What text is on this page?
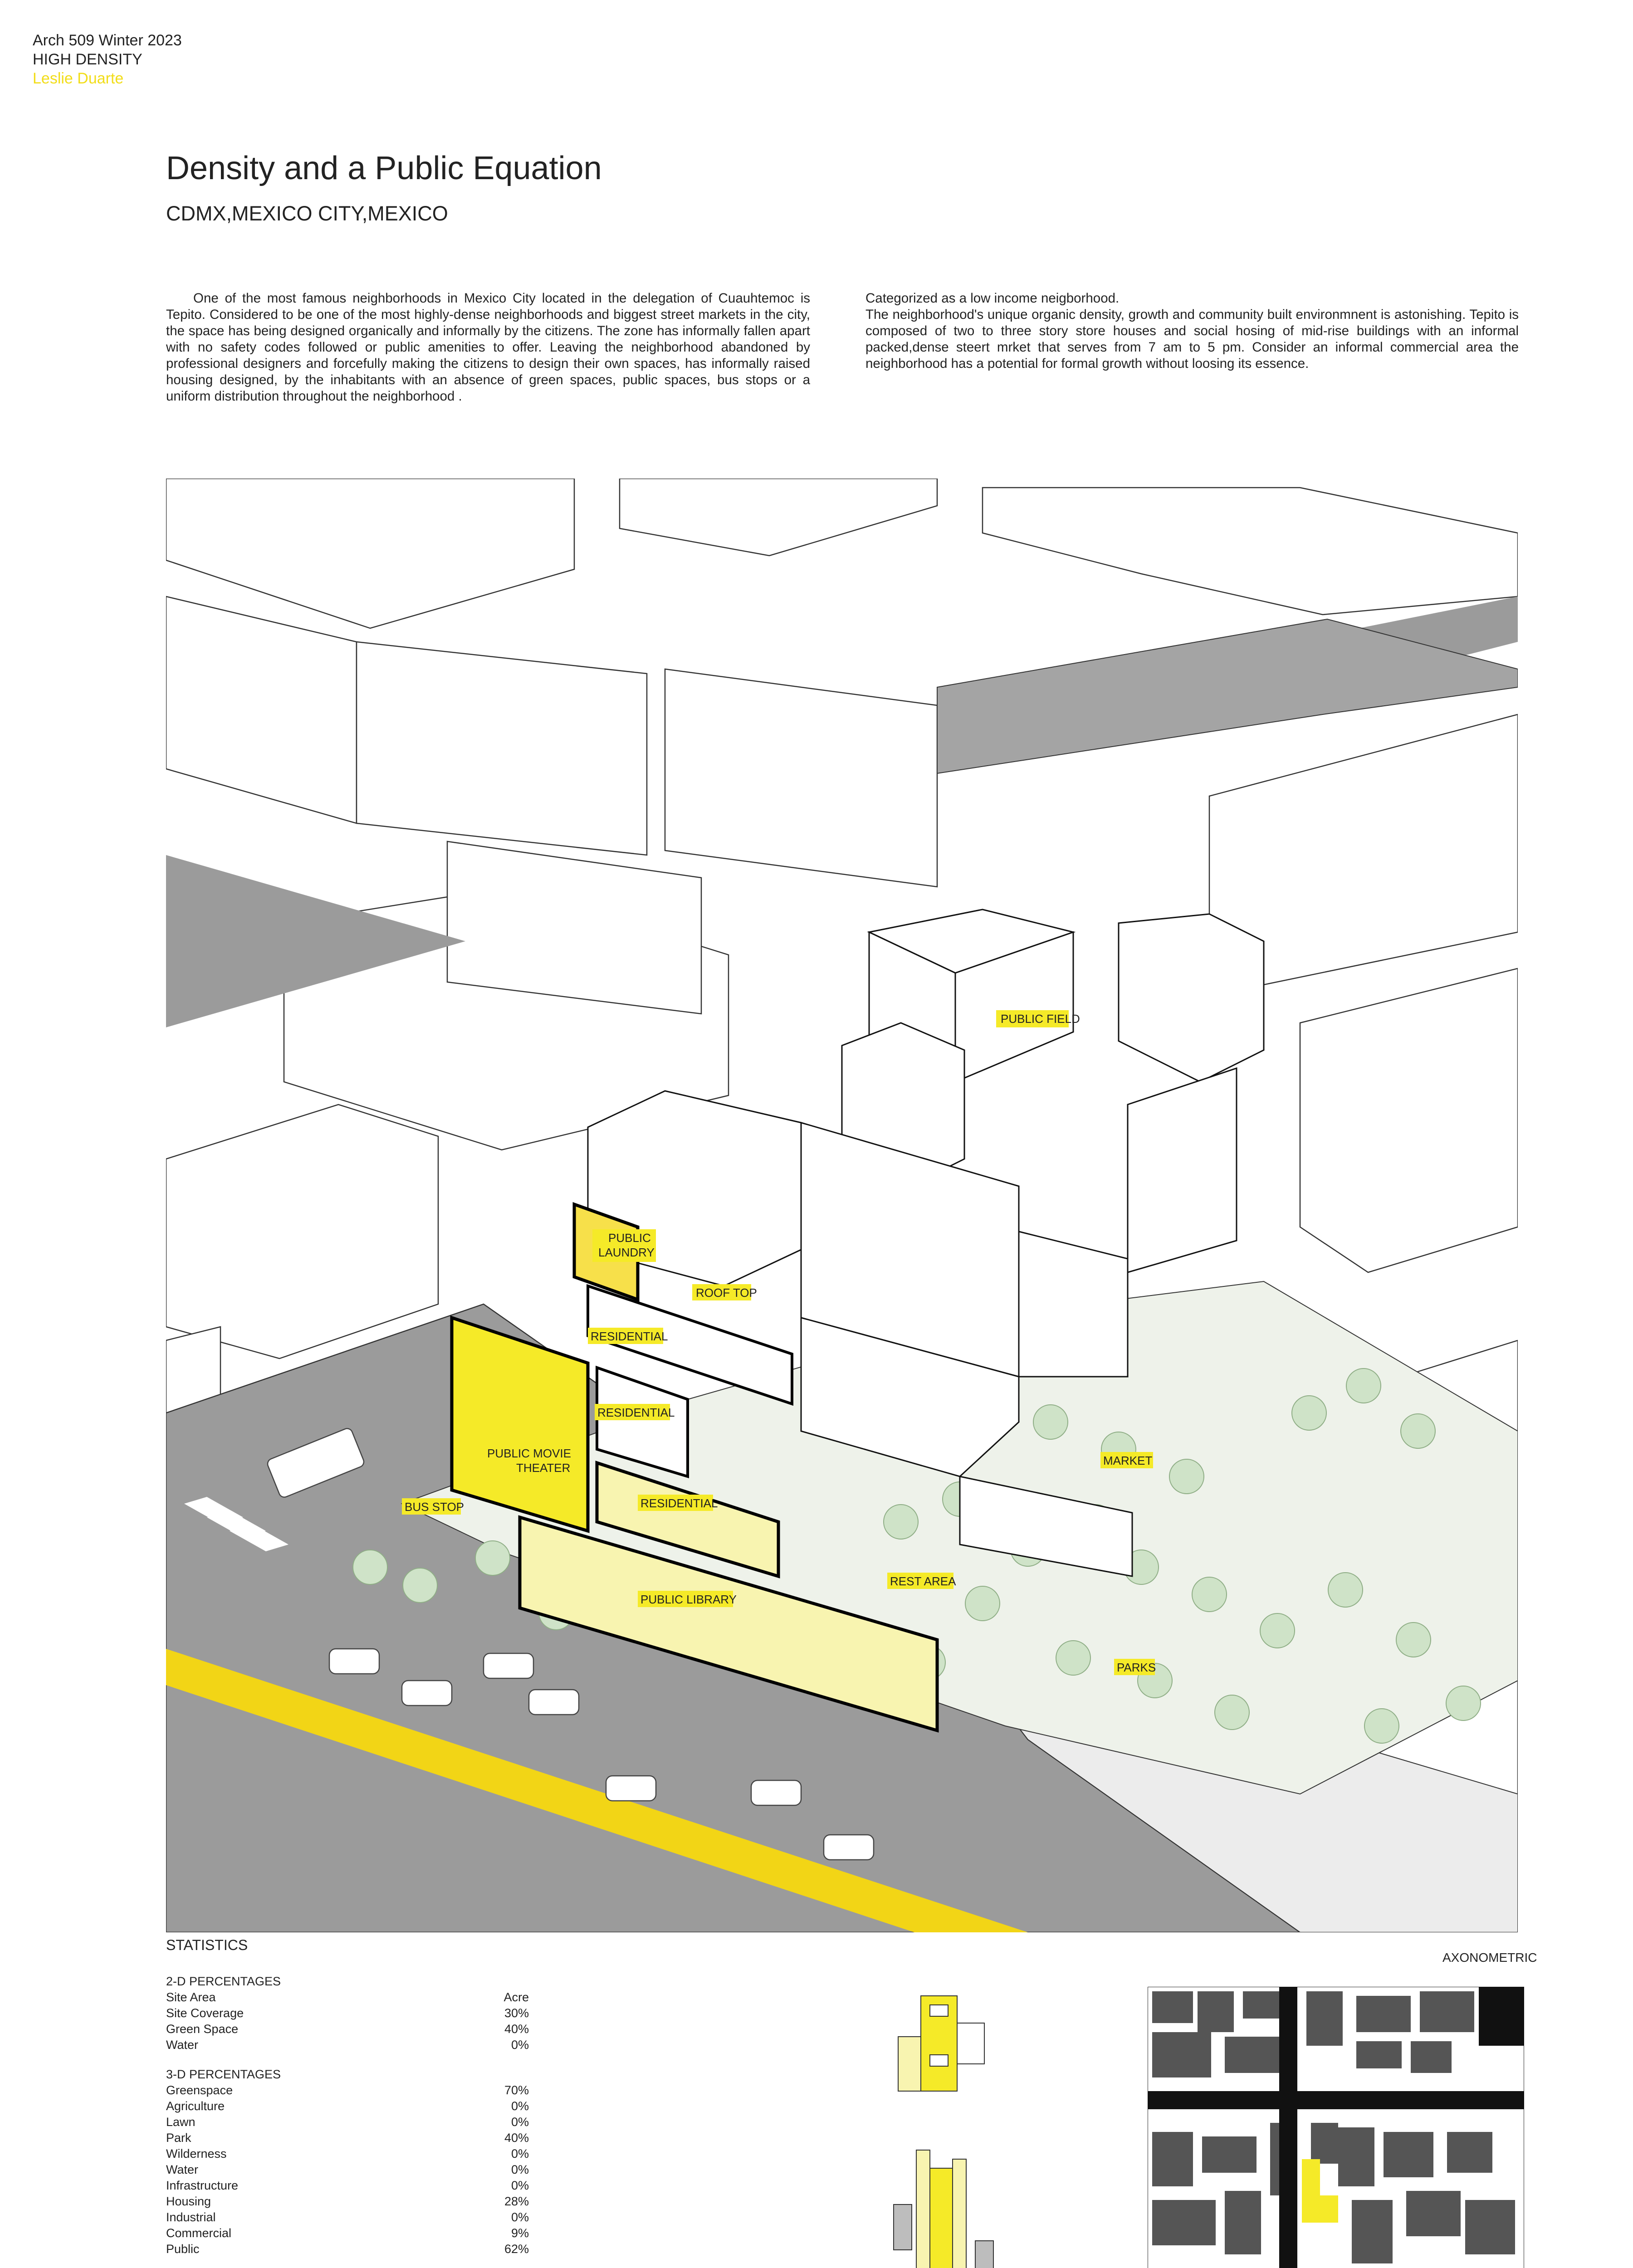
Arch 509 Winter 2023
HIGH DENSITY
Leslie Duarte
Density and a Public Equation
CDMX,MEXICO CITY,MEXICO
One of the most famous neighborhoods in Mexico City located in the delegation of Cuauhtemoc is Tepito. Considered to be one of the most highly-dense neighborhoods and biggest street markets in the city, the space has being designed organically and informally by the citizens. The zone has informally fallen apart with no safety codes followed or public amenities to offer. Leaving the neighborhood abandoned by professional designers and forcefully making the citizens to design their own spaces, has informally raised housing designed, by the inhabitants with an absence of green spaces, public spaces, bus stops or a uniform distribution throughout the neighborhood .
Categorized as a low income neigborhood.
The neighborhood's unique organic density, growth and community built environmnent is astonishing. Tepito is composed of two to three story store houses and social hosing of mid-rise buildings with an informal packed,dense steert mrket that serves from 7 am to 5 pm. Consider an informal commercial area the neighborhood has a potential for formal growth without loosing its essence.
PUBLIC FIELD
PUBLIC
LAUNDRY
ROOF TOP
RESIDENTIAL
RESIDENTIAL
PUBLIC MOVIE
THEATER
RESIDENTIAL
BUS STOP
MARKET
PUBLIC LIBRARY
REST AREA
PARKS
AXONOMETRIC
STATISTICS
2-D PERCENTAGES
Site Area	Acre
Site Coverage	30%
Green Space	40%
Water	0%
3-D PERCENTAGES
Greenspace	70%
Agriculture	0%
Lawn	0%
Park	40%
Wilderness	0%
Water	0%
Infrastructure	0%
Housing	28%
Industrial	0%
Commercial	9%
Public	62%
